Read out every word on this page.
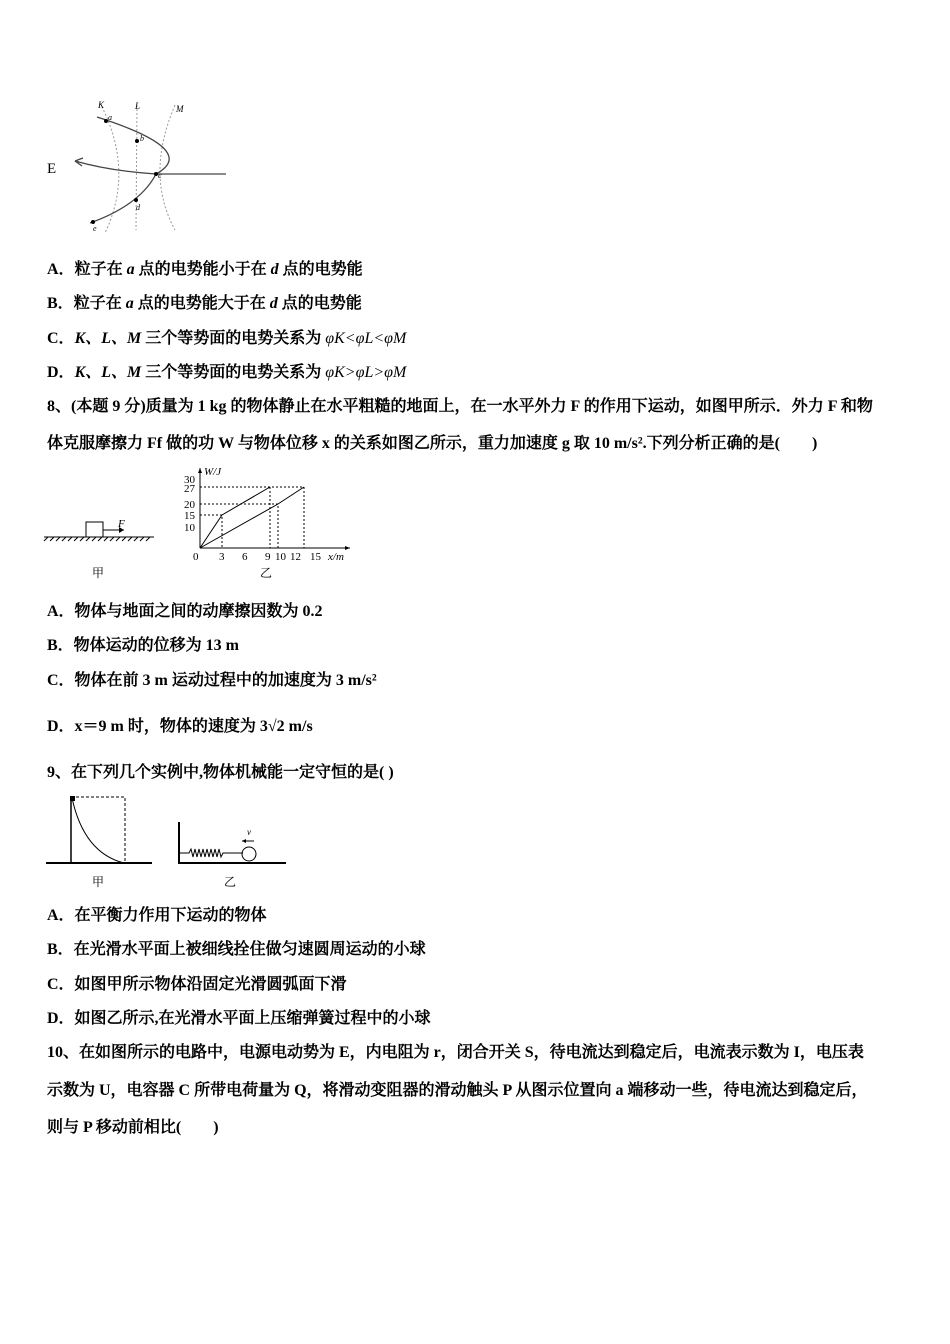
E
K	L	M
a
b
c
d
e
A．粒子在 a 点的电势能小于在 d 点的电势能
B．粒子在 a 点的电势能大于在 d 点的电势能
C．K、L、M 三个等势面的电势关系为 φK<φL<φM
D．K、L、M 三个等势面的电势关系为 φK>φL>φM
8、(本题 9 分)质量为 1 kg 的物体静止在水平粗糙的地面上，在一水平外力 F 的作用下运动，如图甲所示．外力 F 和物
体克服摩擦力 Ff 做的功 W 与物体位移 x 的关系如图乙所示，重力加速度 g 取 10 m/s².下列分析正确的是(　　)
F
甲
W/J
30
27
20
15
10
0 3 6 9 10 12 15 x/m
乙
A．物体与地面之间的动摩擦因数为 0.2
B．物体运动的位移为 13 m
C．物体在前 3 m 运动过程中的加速度为 3 m/s²
D．x＝9 m 时，物体的速度为 3√2 m/s
9、在下列几个实例中,物体机械能一定守恒的是( )
甲
v
乙
A．在平衡力作用下运动的物体
B．在光滑水平面上被细线拴住做匀速圆周运动的小球
C．如图甲所示物体沿固定光滑圆弧面下滑
D．如图乙所示,在光滑水平面上压缩弹簧过程中的小球
10、在如图所示的电路中，电源电动势为 E，内电阻为 r，闭合开关 S，待电流达到稳定后，电流表示数为 I，电压表
示数为 U，电容器 C 所带电荷量为 Q，将滑动变阻器的滑动触头 P 从图示位置向 a 端移动一些，待电流达到稳定后，
则与 P 移动前相比(　　)
